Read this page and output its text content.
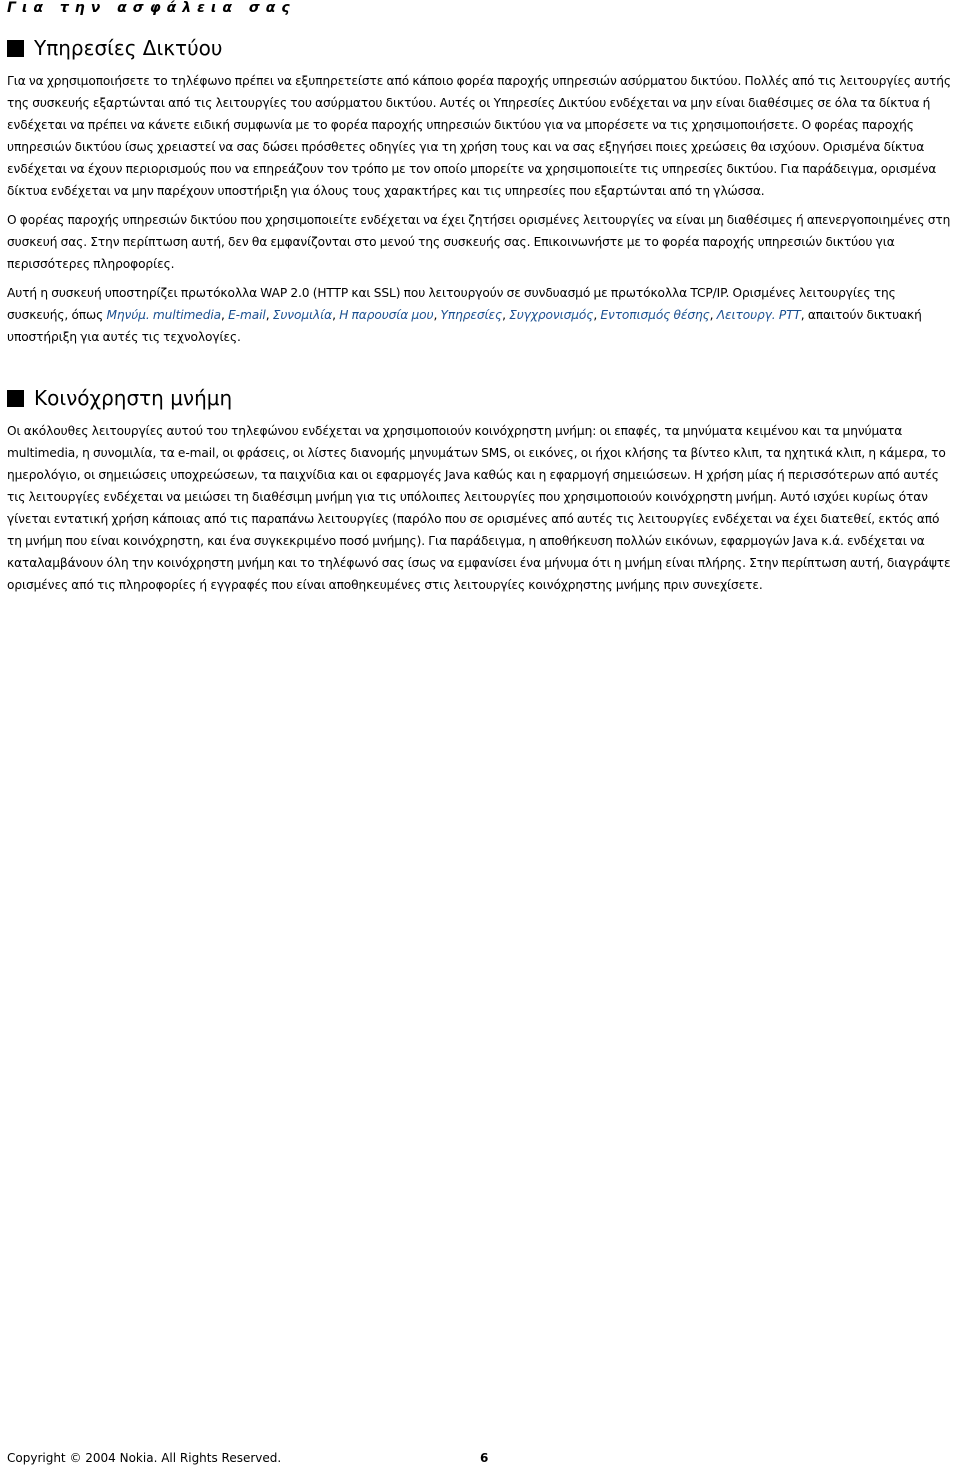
Για την ασφάλεια σας
Υπηρεσίες Δικτύου

Για να χρησιμοποιήσετε το τηλέφωνο πρέπει να εξυπηρετείστε από κάποιο φορέα παροχής υπηρεσιών ασύρματου δικτύου. Πολλές από τις λειτουργίες αυτής της συσκευής εξαρτώνται από τις λειτουργίες του ασύρματου δικτύου. Αυτές οι Υπηρεσίες Δικτύου ενδέχεται να μην είναι διαθέσιμες σε όλα τα δίκτυα ή ενδέχεται να πρέπει να κάνετε ειδική συμφωνία με το φορέα παροχής υπηρεσιών δικτύου για να μπορέσετε να τις χρησιμοποιήσετε. Ο φορέας παροχής υπηρεσιών δικτύου ίσως χρειαστεί να σας δώσει πρόσθετες οδηγίες για τη χρήση τους και να σας εξηγήσει ποιες χρεώσεις θα ισχύουν. Ορισμένα δίκτυα ενδέχεται να έχουν περιορισμούς που να επηρεάζουν τον τρόπο με τον οποίο μπορείτε να χρησιμοποιείτε τις υπηρεσίες δικτύου. Για παράδειγμα, ορισμένα δίκτυα ενδέχεται να μην παρέχουν υποστήριξη για όλους τους χαρακτήρες και τις υπηρεσίες που εξαρτώνται από τη γλώσσα.

Ο φορέας παροχής υπηρεσιών δικτύου που χρησιμοποιείτε ενδέχεται να έχει ζητήσει ορισμένες λειτουργίες να είναι μη διαθέσιμες ή απενεργοποιημένες στη συσκευή σας. Στην περίπτωση αυτή, δεν θα εμφανίζονται στο μενού της συσκευής σας. Επικοινωνήστε με το φορέα παροχής υπηρεσιών δικτύου για περισσότερες πληροφορίες.

Αυτή η συσκευή υποστηρίζει πρωτόκολλα WAP 2.0 (HTTP και SSL) που λειτουργούν σε συνδυασμό με πρωτόκολλα TCP/IP. Ορισμένες λειτουργίες της συσκευής, όπως Μηνύμ. multimedia, E-mail, Συνομιλία, Η παρουσία μου, Υπηρεσίες, Συγχρονισμός, Εντοπισμός θέσης, Λειτουργ. PTT, απαιτούν δικτυακή υποστήριξη για αυτές τις τεχνολογίες.

Κοινόχρηστη μνήμη

Οι ακόλουθες λειτουργίες αυτού του τηλεφώνου ενδέχεται να χρησιμοποιούν κοινόχρηστη μνήμη: οι επαφές, τα μηνύματα κειμένου και τα μηνύματα multimedia, η συνομιλία, τα e-mail, οι φράσεις, οι λίστες διανομής μηνυμάτων SMS, οι εικόνες, οι ήχοι κλήσης τα βίντεο κλιπ, τα ηχητικά κλιπ, η κάμερα, το ημερολόγιο, οι σημειώσεις υποχρεώσεων, τα παιχνίδια και οι εφαρμογές Java καθώς και η εφαρμογή σημειώσεων. Η χρήση μίας ή περισσότερων από αυτές τις λειτουργίες ενδέχεται να μειώσει τη διαθέσιμη μνήμη για τις υπόλοιπες λειτουργίες που χρησιμοποιούν κοινόχρηστη μνήμη. Αυτό ισχύει κυρίως όταν γίνεται εντατική χρήση κάποιας από τις παραπάνω λειτουργίες (παρόλο που σε ορισμένες από αυτές τις λειτουργίες ενδέχεται να έχει διατεθεί, εκτός από τη μνήμη που είναι κοινόχρηστη, και ένα συγκεκριμένο ποσό μνήμης). Για παράδειγμα, η αποθήκευση πολλών εικόνων, εφαρμογών Java κ.ά. ενδέχεται να καταλαμβάνουν όλη την κοινόχρηστη μνήμη και το τηλέφωνό σας ίσως να εμφανίσει ένα μήνυμα ότι η μνήμη είναι πλήρης. Στην περίπτωση αυτή, διαγράψτε ορισμένες από τις πληροφορίες ή εγγραφές που είναι αποθηκευμένες στις λειτουργίες κοινόχρηστης μνήμης πριν συνεχίσετε.

Copyright © 2004 Nokia. All Rights Reserved.	6
